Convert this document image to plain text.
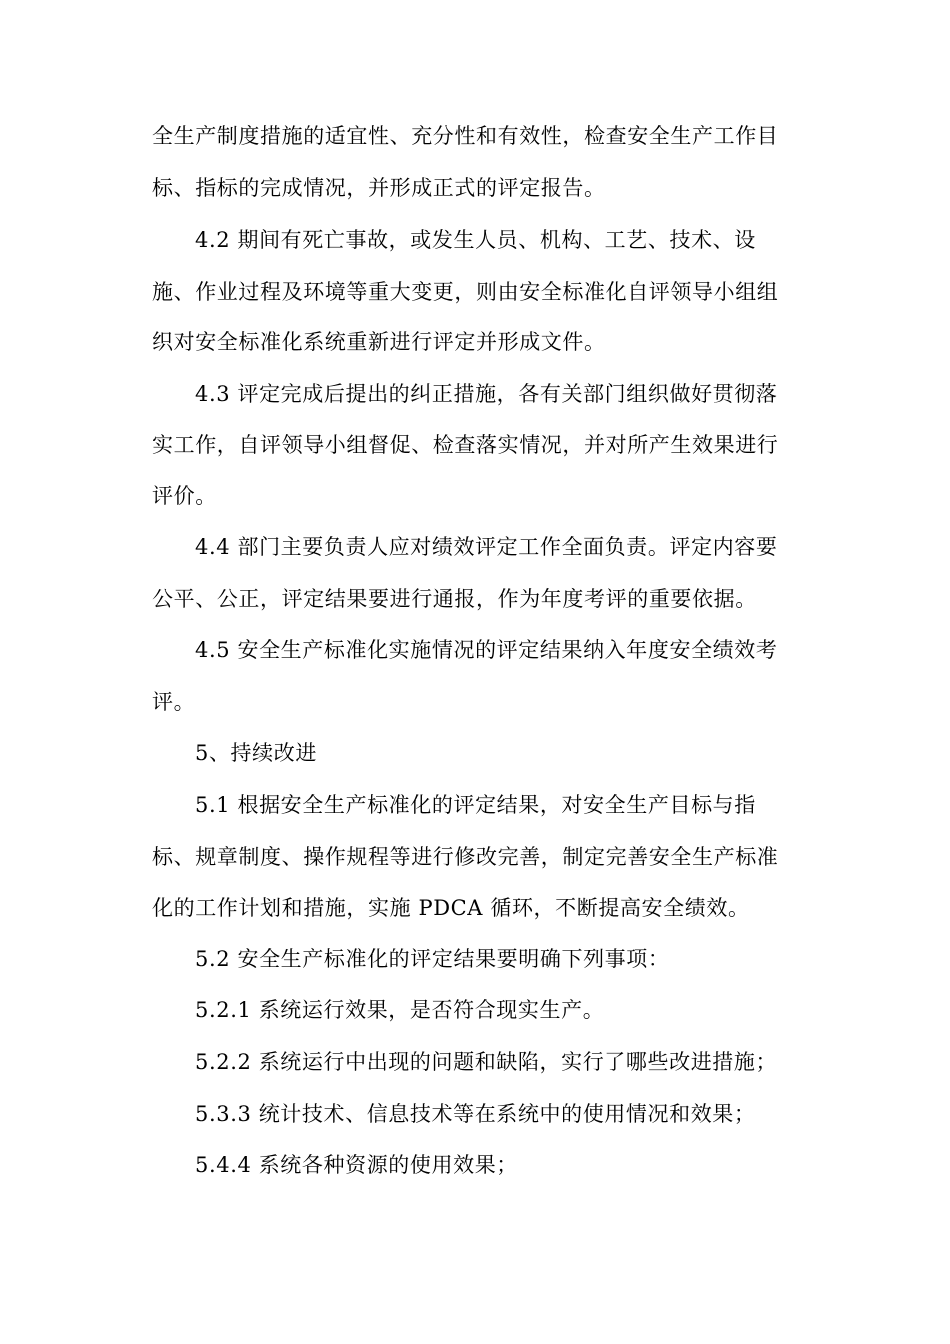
全生产制度措施的适宜性、充分性和有效性，检查安全生产工作目
标、指标的完成情况，并形成正式的评定报告。
4.2 期间有死亡事故，或发生人员、机构、工艺、技术、设
施、作业过程及环境等重大变更，则由安全标准化自评领导小组组
织对安全标准化系统重新进行评定并形成文件。
4.3 评定完成后提出的纠正措施，各有关部门组织做好贯彻落
实工作，自评领导小组督促、检查落实情况，并对所产生效果进行
评价。
4.4 部门主要负责人应对绩效评定工作全面负责。评定内容要
公平、公正，评定结果要进行通报，作为年度考评的重要依据。
4.5 安全生产标准化实施情况的评定结果纳入年度安全绩效考
评。
5、持续改进
5.1 根据安全生产标准化的评定结果，对安全生产目标与指
标、规章制度、操作规程等进行修改完善，制定完善安全生产标准
化的工作计划和措施，实施 PDCA 循环，不断提高安全绩效。
5.2 安全生产标准化的评定结果要明确下列事项：
5.2.1 系统运行效果，是否符合现实生产。
5.2.2 系统运行中出现的问题和缺陷，实行了哪些改进措施；
5.3.3 统计技术、信息技术等在系统中的使用情况和效果；
5.4.4 系统各种资源的使用效果；
